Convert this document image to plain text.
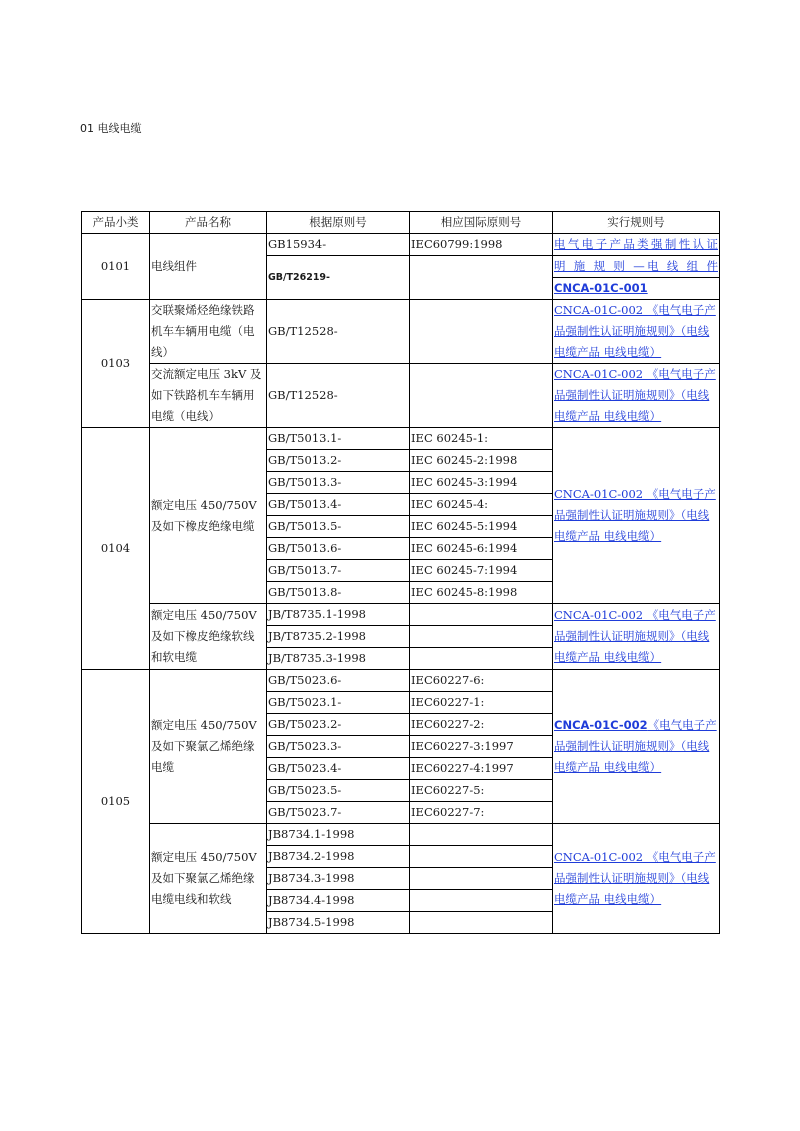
01 电线电缆
产品小类	产品名称	根据原则号	相应国际原则号	实行规则号
0101	电线组件	GB15934-	IEC60799:1998	电气电子产品类强制性认证
		GB/T26219-		明 施 规 则 —电 线 组 件
				CNCA-01C-001
0103	交联聚烯烃绝缘铁路机车车辆用电缆（电线）	GB/T12528-		CNCA-01C-002 《电气电子产品强制性认证明施规则》（电线电缆产品 电线电缆）
	交流额定电压 3kV 及如下铁路机车车辆用电缆（电线）	GB/T12528-		CNCA-01C-002 《电气电子产品强制性认证明施规则》（电线电缆产品 电线电缆）
0104	额定电压 450/750V 及如下橡皮绝缘电缆	GB/T5013.1-	IEC 60245-1:	CNCA-01C-002 《电气电子产品强制性认证明施规则》（电线电缆产品 电线电缆）
		GB/T5013.2-	IEC 60245-2:1998	
		GB/T5013.3-	IEC 60245-3:1994	
		GB/T5013.4-	IEC 60245-4:	
		GB/T5013.5-	IEC 60245-5:1994	
		GB/T5013.6-	IEC 60245-6:1994	
		GB/T5013.7-	IEC 60245-7:1994	
		GB/T5013.8-	IEC 60245-8:1998	
	额定电压 450/750V 及如下橡皮绝缘软线和软电缆	JB/T8735.1-1998		CNCA-01C-002 《电气电子产品强制性认证明施规则》（电线电缆产品 电线电缆）
		JB/T8735.2-1998		
		JB/T8735.3-1998		
0105	额定电压 450/750V 及如下聚氯乙烯绝缘电缆	GB/T5023.6-	IEC60227-6:	CNCA-01C-002《电气电子产品强制性认证明施规则》（电线电缆产品 电线电缆）
		GB/T5023.1-	IEC60227-1:	
		GB/T5023.2-	IEC60227-2:	
		GB/T5023.3-	IEC60227-3:1997	
		GB/T5023.4-	IEC60227-4:1997	
		GB/T5023.5-	IEC60227-5:	
		GB/T5023.7-	IEC60227-7:	
	额定电压 450/750V 及如下聚氯乙烯绝缘电缆电线和软线	JB8734.1-1998		CNCA-01C-002 《电气电子产品强制性认证明施规则》（电线电缆产品 电线电缆）
		JB8734.2-1998		
		JB8734.3-1998		
		JB8734.4-1998		
		JB8734.5-1998		
